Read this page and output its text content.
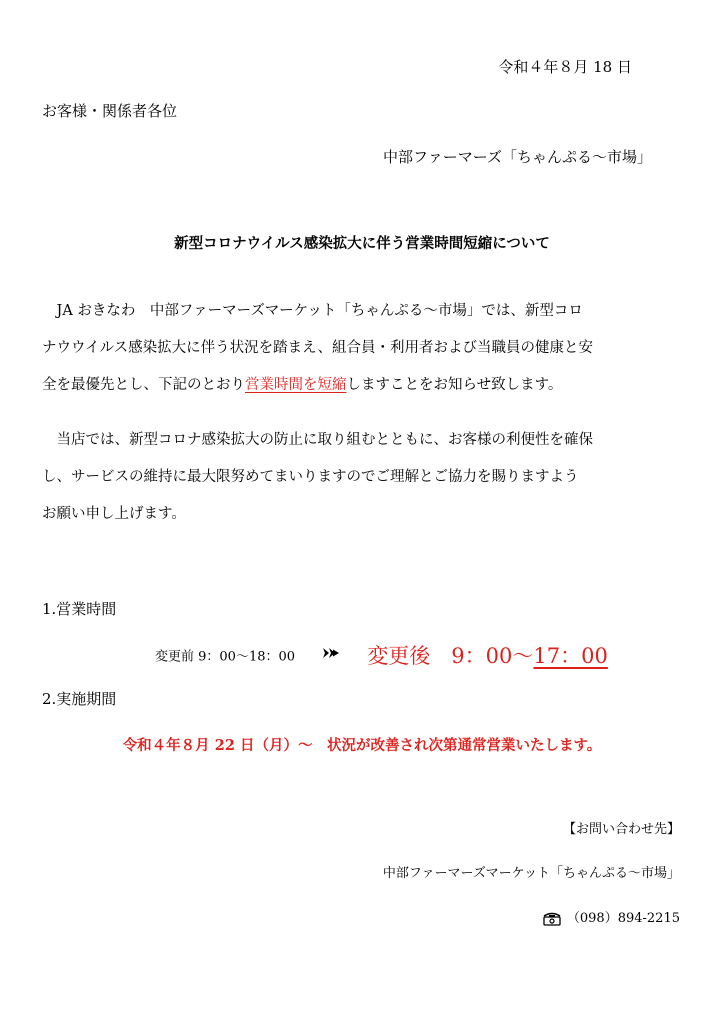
令和４年８月 18 日
お客様・関係者各位
中部ファーマーズ「ちゃんぷる〜市場」
新型コロナウイルス感染拡大に伴う営業時間短縮について
　JA おきなわ　中部ファーマーズマーケット「ちゃんぷる〜市場」では、新型コロ
ナウウイルス感染拡大に伴う状況を踏まえ、組合員・利用者および当職員の健康と安
全を最優先とし、下記のとおり営業時間を短縮しますことをお知らせ致します。
　当店では、新型コロナ感染拡大の防止に取り組むとともに、お客様の利便性を確保
し、サービスの維持に最大限努めてまいりますのでご理解とご協力を賜りますよう
お願い申し上げます。
1.営業時間
変更前 9：00〜18：00	変更後　9：00〜17：00
2.実施期間
令和４年８月 22 日（月）〜　状況が改善され次第通常営業いたします。
【お問い合わせ先】
中部ファーマーズマーケット「ちゃんぷる〜市場」
（098）894-2215
